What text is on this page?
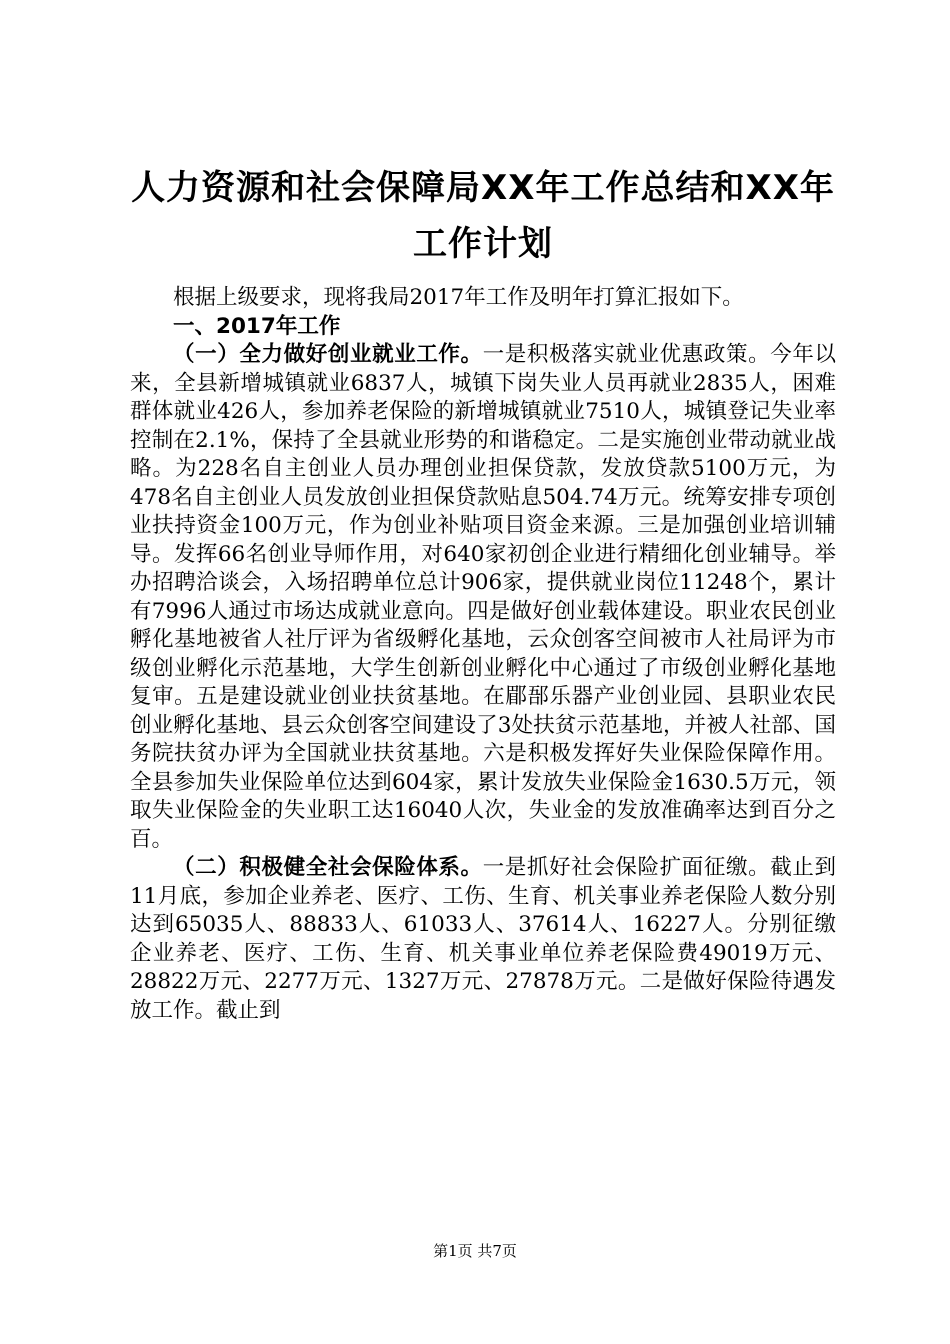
人力资源和社会保障局XX年工作总结和XX年
工作计划

根据上级要求，现将我局2017年工作及明年打算汇报如下。

一、2017年工作

（一）全力做好创业就业工作。一是积极落实就业优惠政策。今年以来，全县新增城镇就业6837人，城镇下岗失业人员再就业2835人，困难群体就业426人，参加养老保险的新增城镇就业7510人，城镇登记失业率控制在2.1%，保持了全县就业形势的和谐稳定。二是实施创业带动就业战略。为228名自主创业人员办理创业担保贷款，发放贷款5100万元，为478名自主创业人员发放创业担保贷款贴息504.74万元。统筹安排专项创业扶持资金100万元，作为创业补贴项目资金来源。三是加强创业培训辅导。发挥66名创业导师作用，对640家初创企业进行精细化创业辅导。举办招聘洽谈会，入场招聘单位总计906家，提供就业岗位11248个，累计有7996人通过市场达成就业意向。四是做好创业载体建设。职业农民创业孵化基地被省人社厅评为省级孵化基地，云众创客空间被市人社局评为市级创业孵化示范基地，大学生创新创业孵化中心通过了市级创业孵化基地复审。五是建设就业创业扶贫基地。在郿郚乐器产业创业园、县职业农民创业孵化基地、县云众创客空间建设了3处扶贫示范基地，并被人社部、国务院扶贫办评为全国就业扶贫基地。六是积极发挥好失业保险保障作用。全县参加失业保险单位达到604家，累计发放失业保险金1630.5万元，领取失业保险金的失业职工达16040人次，失业金的发放准确率达到百分之百。

（二）积极健全社会保险体系。一是抓好社会保险扩面征缴。截止到11月底，参加企业养老、医疗、工伤、生育、机关事业养老保险人数分别达到65035人、88833人、61033人、37614人、16227人。分别征缴企业养老、医疗、工伤、生育、机关事业单位养老保险费49019万元、28822万元、2277万元、1327万元、27878万元。二是做好保险待遇发放工作。截止到

第1页 共7页
